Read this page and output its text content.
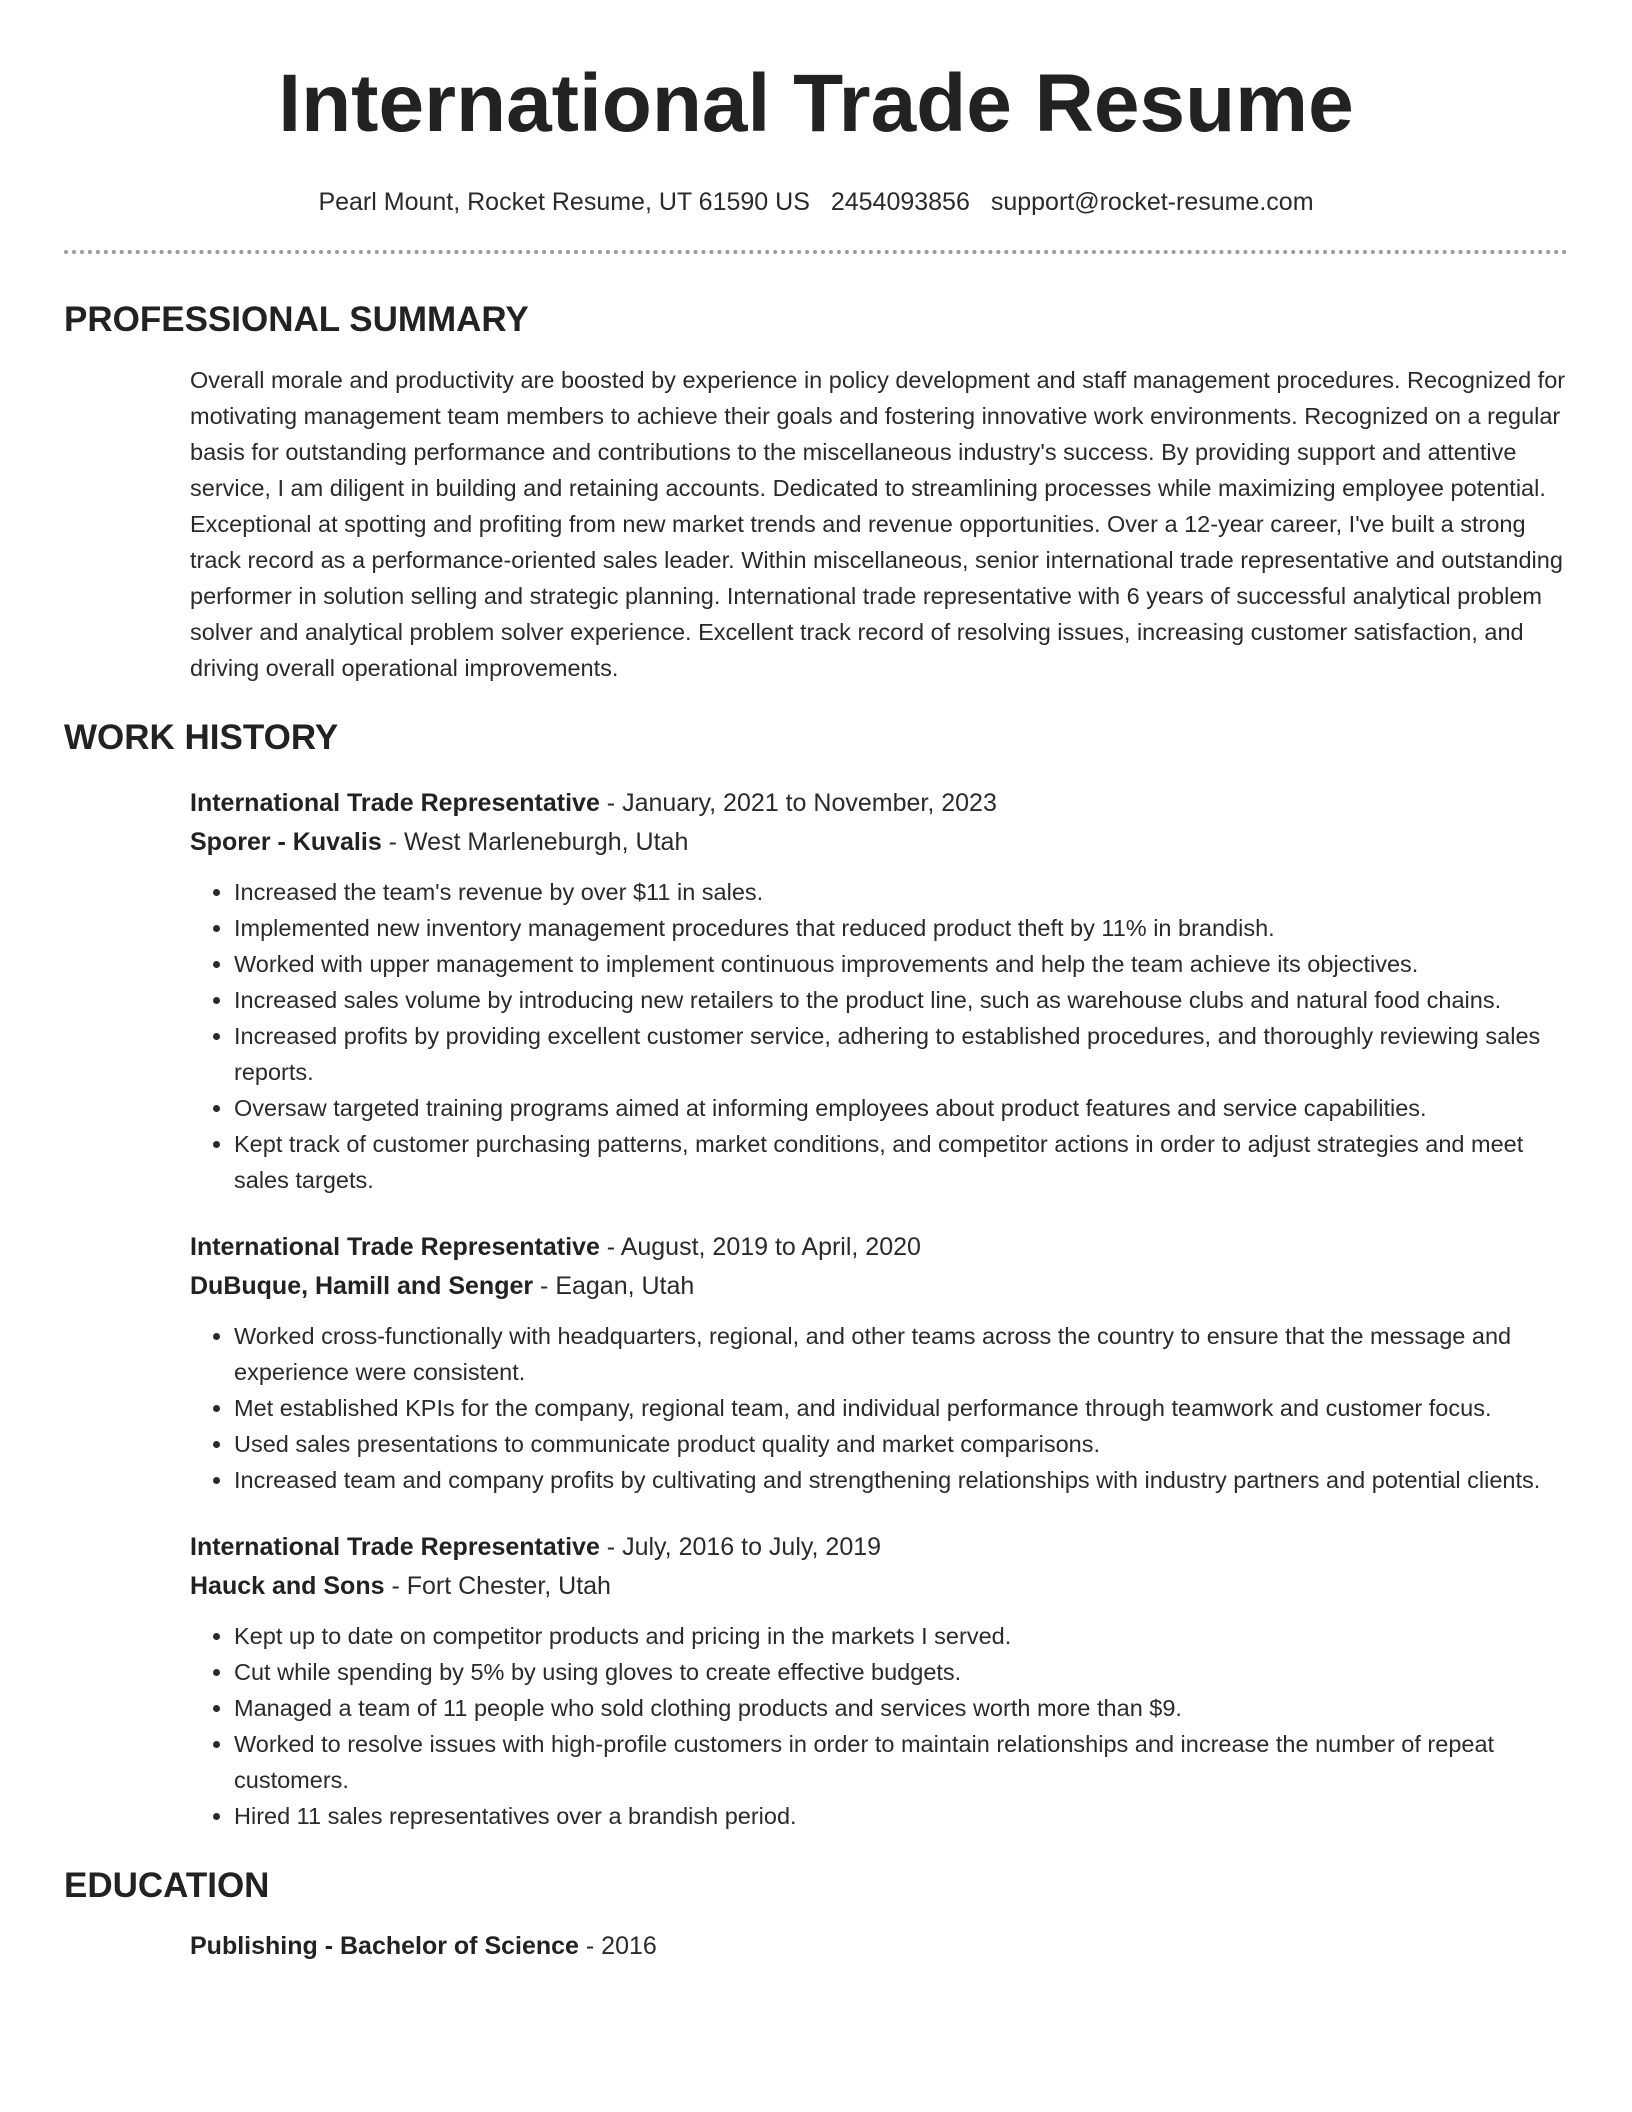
International Trade Resume
Pearl Mount, Rocket Resume, UT 61590 US 2454093856 support@rocket-resume.com
PROFESSIONAL SUMMARY
Overall morale and productivity are boosted by experience in policy development and staff management procedures. Recognized for motivating management team members to achieve their goals and fostering innovative work environments. Recognized on a regular basis for outstanding performance and contributions to the miscellaneous industry's success. By providing support and attentive service, I am diligent in building and retaining accounts. Dedicated to streamlining processes while maximizing employee potential. Exceptional at spotting and profiting from new market trends and revenue opportunities. Over a 12-year career, I've built a strong track record as a performance-oriented sales leader. Within miscellaneous, senior international trade representative and outstanding performer in solution selling and strategic planning. International trade representative with 6 years of successful analytical problem solver and analytical problem solver experience. Excellent track record of resolving issues, increasing customer satisfaction, and driving overall operational improvements.
WORK HISTORY
International Trade Representative - January, 2021 to November, 2023
Sporer - Kuvalis - West Marleneburgh, Utah
• Increased the team's revenue by over $11 in sales.
• Implemented new inventory management procedures that reduced product theft by 11% in brandish.
• Worked with upper management to implement continuous improvements and help the team achieve its objectives.
• Increased sales volume by introducing new retailers to the product line, such as warehouse clubs and natural food chains.
• Increased profits by providing excellent customer service, adhering to established procedures, and thoroughly reviewing sales reports.
• Oversaw targeted training programs aimed at informing employees about product features and service capabilities.
• Kept track of customer purchasing patterns, market conditions, and competitor actions in order to adjust strategies and meet sales targets.
International Trade Representative - August, 2019 to April, 2020
DuBuque, Hamill and Senger - Eagan, Utah
• Worked cross-functionally with headquarters, regional, and other teams across the country to ensure that the message and experience were consistent.
• Met established KPIs for the company, regional team, and individual performance through teamwork and customer focus.
• Used sales presentations to communicate product quality and market comparisons.
• Increased team and company profits by cultivating and strengthening relationships with industry partners and potential clients.
International Trade Representative - July, 2016 to July, 2019
Hauck and Sons - Fort Chester, Utah
• Kept up to date on competitor products and pricing in the markets I served.
• Cut while spending by 5% by using gloves to create effective budgets.
• Managed a team of 11 people who sold clothing products and services worth more than $9.
• Worked to resolve issues with high-profile customers in order to maintain relationships and increase the number of repeat customers.
• Hired 11 sales representatives over a brandish period.
EDUCATION
Publishing - Bachelor of Science - 2016
